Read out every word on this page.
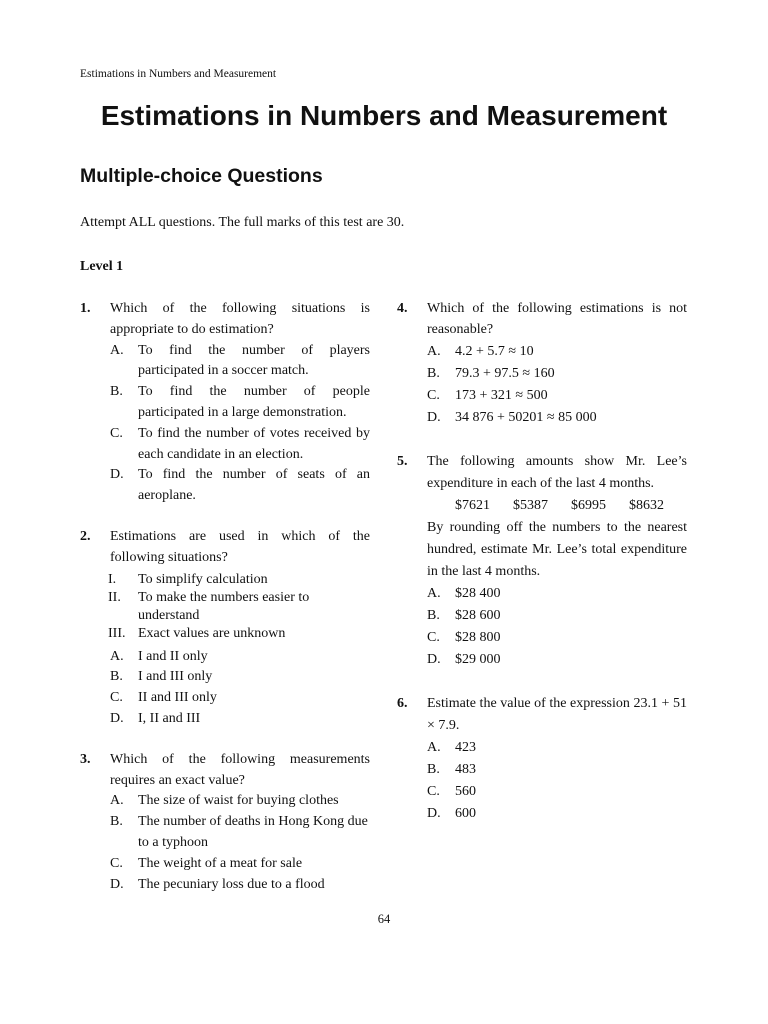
Estimations in Numbers and Measurement
Estimations in Numbers and Measurement
Multiple-choice Questions
Attempt ALL questions. The full marks of this test are 30.
Level 1
1. Which of the following situations is appropriate to do estimation?
A. To find the number of players participated in a soccer match.
B. To find the number of people participated in a large demonstration.
C. To find the number of votes received by each candidate in an election.
D. To find the number of seats of an aeroplane.
2. Estimations are used in which of the following situations?
I. To simplify calculation
II. To make the numbers easier to understand
III. Exact values are unknown
A. I and II only
B. I and III only
C. II and III only
D. I, II and III
3. Which of the following measurements requires an exact value?
A. The size of waist for buying clothes
B. The number of deaths in Hong Kong due to a typhoon
C. The weight of a meat for sale
D. The pecuniary loss due to a flood
4. Which of the following estimations is not reasonable?
A. 4.2 + 5.7 ≈ 10
B. 79.3 + 97.5 ≈ 160
C. 173 + 321 ≈ 500
D. 34 876 + 50201 ≈ 85 000
5. The following amounts show Mr. Lee’s expenditure in each of the last 4 months.
$7621	$5387	$6995	$8632
By rounding off the numbers to the nearest hundred, estimate Mr. Lee’s total expenditure in the last 4 months.
A. $28 400
B. $28 600
C. $28 800
D. $29 000
6. Estimate the value of the expression 23.1 + 51 × 7.9.
A. 423
B. 483
C. 560
D. 600
64
